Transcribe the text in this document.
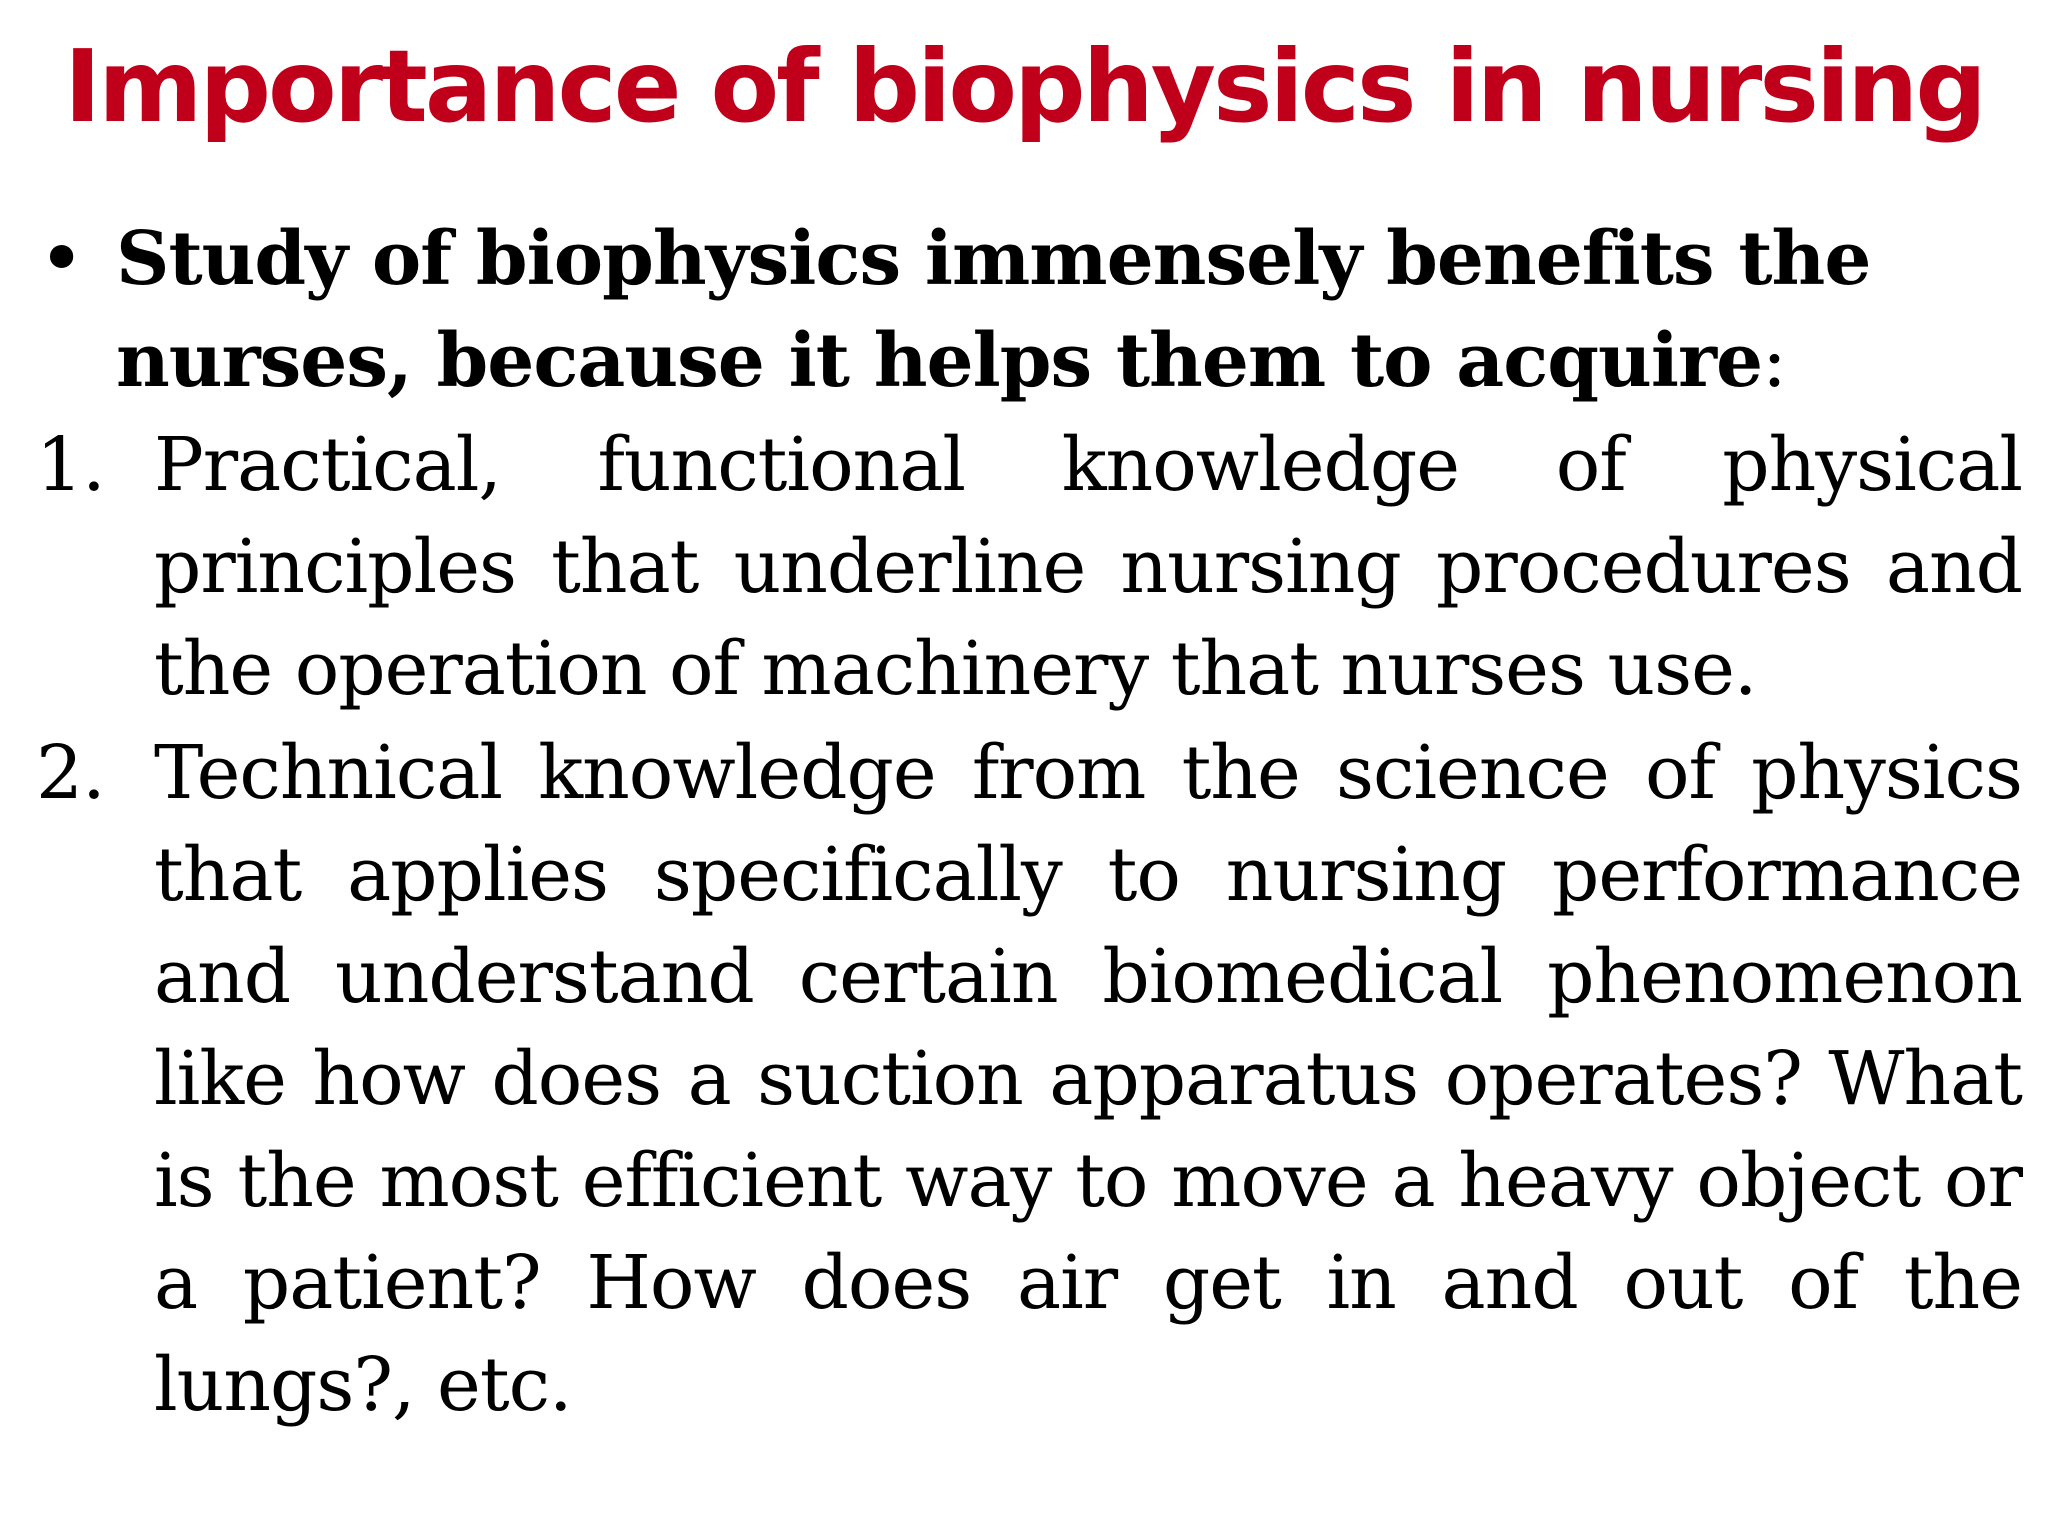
Importance of biophysics in nursing
• Study of biophysics immensely benefits the nurses, because it helps them to acquire:
1. Practical, functional knowledge of physical principles that underline nursing procedures and the operation of machinery that nurses use.
2. Technical knowledge from the science of physics that applies specifically to nursing performance and understand certain biomedical phenomenon like how does a suction apparatus operates? What is the most efficient way to move a heavy object or a patient? How does air get in and out of the lungs?, etc.
